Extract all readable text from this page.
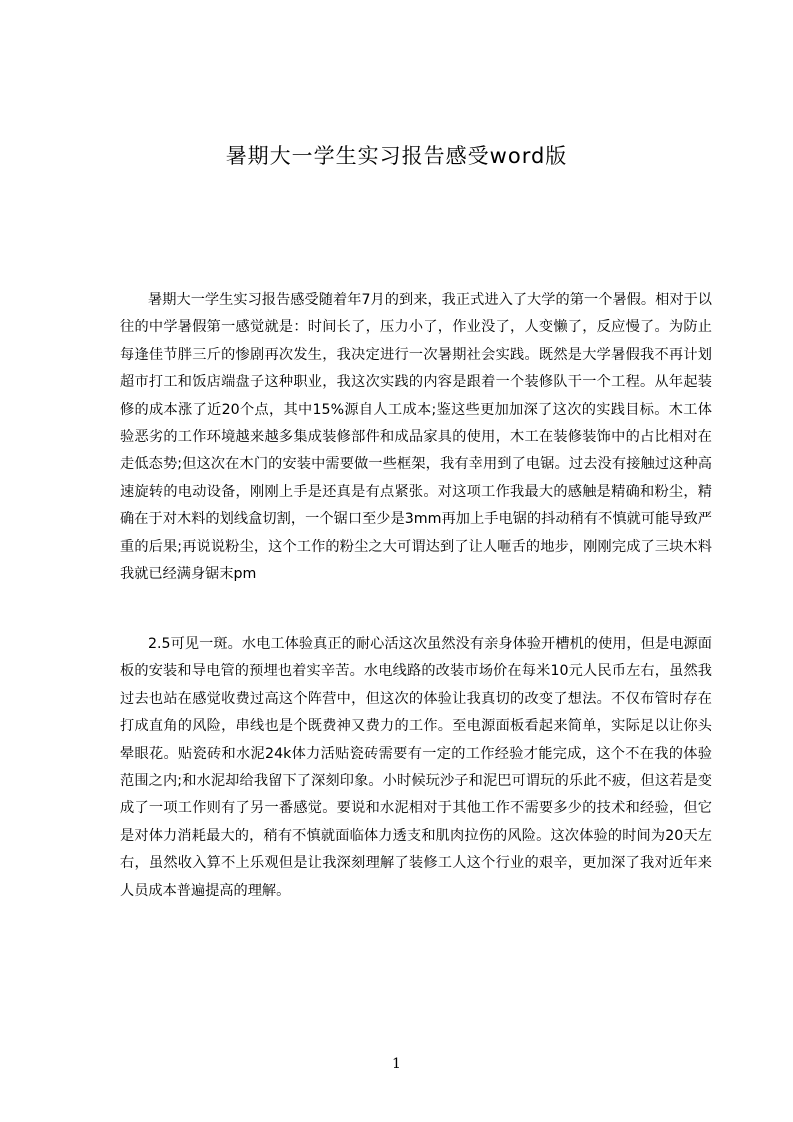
暑期大一学生实习报告感受word版

暑期大一学生实习报告感受随着年7月的到来，我正式进入了大学的第一个暑假。相对于以往的中学暑假第一感觉就是：时间长了，压力小了，作业没了，人变懒了，反应慢了。为防止每逢佳节胖三斤的惨剧再次发生，我决定进行一次暑期社会实践。既然是大学暑假我不再计划超市打工和饭店端盘子这种职业，我这次实践的内容是跟着一个装修队干一个工程。从年起装修的成本涨了近20个点，其中15%源自人工成本;鉴这些更加加深了这次的实践目标。木工体验恶劣的工作环境越来越多集成装修部件和成品家具的使用，木工在装修装饰中的占比相对在走低态势;但这次在木门的安装中需要做一些框架，我有幸用到了电锯。过去没有接触过这种高速旋转的电动设备，刚刚上手是还真是有点紧张。对这项工作我最大的感触是精确和粉尘，精确在于对木料的划线盒切割，一个锯口至少是3mm再加上手电锯的抖动稍有不慎就可能导致严重的后果;再说说粉尘，这个工作的粉尘之大可谓达到了让人咂舌的地步，刚刚完成了三块木料我就已经满身锯末pm

2.5可见一斑。水电工体验真正的耐心活这次虽然没有亲身体验开槽机的使用，但是电源面板的安装和导电管的预埋也着实辛苦。水电线路的改装市场价在每米10元人民币左右，虽然我过去也站在感觉收费过高这个阵营中，但这次的体验让我真切的改变了想法。不仅布管时存在打成直角的风险，串线也是个既费神又费力的工作。至电源面板看起来简单，实际足以让你头晕眼花。贴瓷砖和水泥24k体力活贴瓷砖需要有一定的工作经验才能完成，这个不在我的体验范围之内;和水泥却给我留下了深刻印象。小时候玩沙子和泥巴可谓玩的乐此不疲，但这若是变成了一项工作则有了另一番感觉。要说和水泥相对于其他工作不需要多少的技术和经验，但它是对体力消耗最大的，稍有不慎就面临体力透支和肌肉拉伤的风险。这次体验的时间为20天左右，虽然收入算不上乐观但是让我深刻理解了装修工人这个行业的艰辛，更加深了我对近年来人员成本普遍提高的理解。

1
